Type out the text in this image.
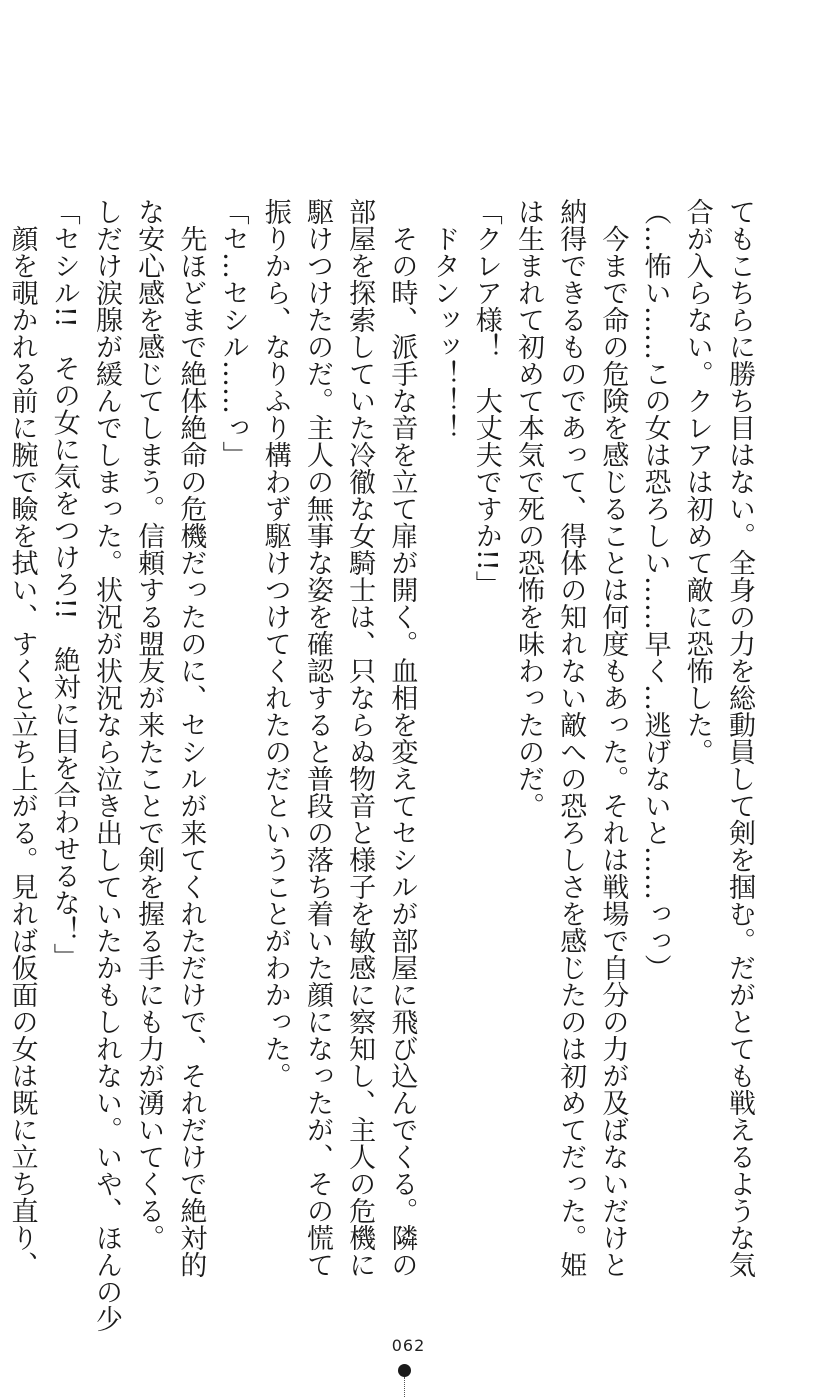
てもこちらに勝ち目はない。全身の力を総動員して剣を掴む。だがとても戦えるような気
合が入らない。クレアは初めて敵に恐怖した。
（…怖い……この女は恐ろしい……早く…逃げないと……っっ）
　今まで命の危険を感じることは何度もあった。それは戦場で自分の力が及ばないだけと
納得できるものであって、得体の知れない敵への恐ろしさを感じたのは初めてだった。姫
は生まれて初めて本気で死の恐怖を味わったのだ。
「クレア様！　大丈夫ですか!!」
　ドタンッッ！！！
　その時、派手な音を立て扉が開く。血相を変えてセシルが部屋に飛び込んでくる。隣の
部屋を探索していた冷徹な女騎士は、只ならぬ物音と様子を敏感に察知し、主人の危機に
駆けつけたのだ。主人の無事な姿を確認すると普段の落ち着いた顔になったが、その慌て
振りから、なりふり構わず駆けつけてくれたのだということがわかった。
「セ…セシル……っ」
　先ほどまで絶体絶命の危機だったのに、セシルが来てくれただけで、それだけで絶対的
な安心感を感じてしまう。信頼する盟友が来たことで剣を握る手にも力が湧いてくる。
しだけ涙腺が緩んでしまった。状況が状況なら泣き出していたかもしれない。いや、ほんの少
「セシル!!　その女に気をつけろ!!　絶対に目を合わせるな！」
　顔を覗かれる前に腕で瞼を拭い、すくと立ち上がる。見れば仮面の女は既に立ち直り、
062
